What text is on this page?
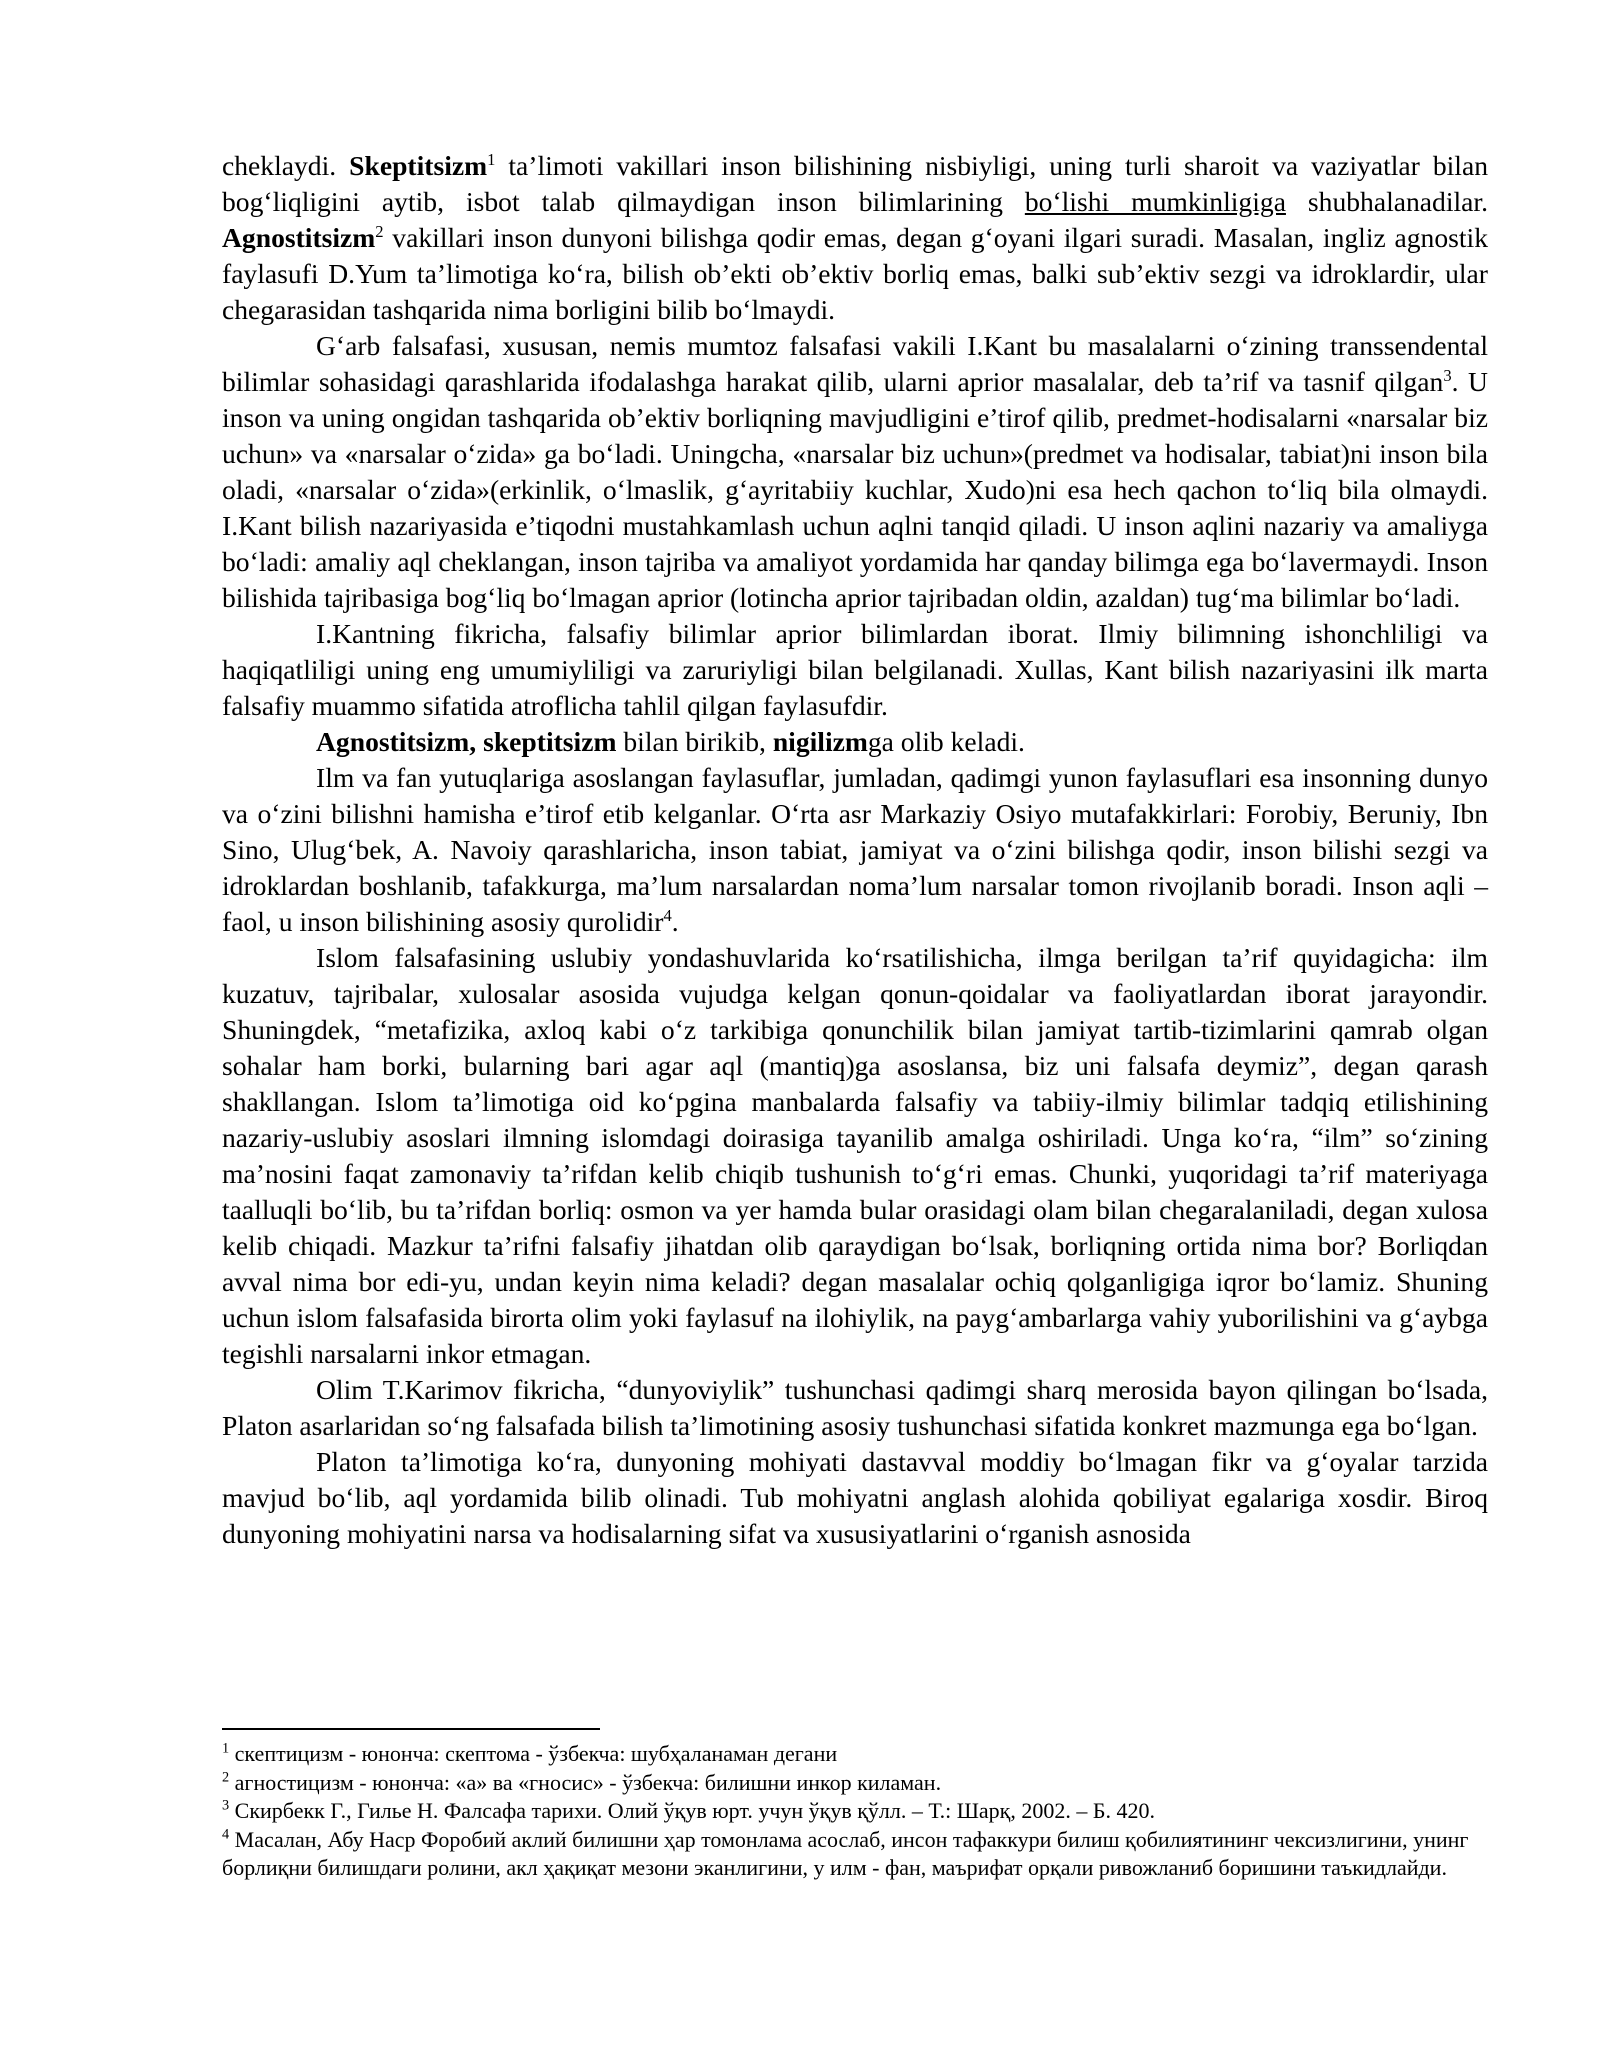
cheklaydi. Skeptitsizm$^1$ ta’limoti vakillari inson bilishining nisbiyligi, uning turli sharoit va vaziyatlar bilan bog‘liqligini aytib, isbot talab qilmaydigan inson bilimlarining bo‘lishi mumkinligiga shubhalanadilar. Agnostitsizm$^2$ vakillari inson dunyoni bilishga qodir emas, degan g‘oyani ilgari suradi. Masalan, ingliz agnostik faylasufi D.Yum ta’limotiga ko‘ra, bilish ob’ekti ob’ektiv borliq emas, balki sub’ektiv sezgi va idroklardir, ular chegarasidan tashqarida nima borligini bilib bo‘lmaydi.

G‘arb falsafasi, xususan, nemis mumtoz falsafasi vakili I.Kant bu masalalarni o‘zining transsendental bilimlar sohasidagi qarashlarida ifodalashga harakat qilib, ularni aprior masalalar, deb ta’rif va tasnif qilgan$^3$. U inson va uning ongidan tashqarida ob’ektiv borliqning mavjudligini e’tirof qilib, predmet-hodisalarni «narsalar biz uchun» va «narsalar o‘zida» ga bo‘ladi. Uningcha, «narsalar biz uchun»(predmet va hodisalar, tabiat)ni inson bila oladi, «narsalar o‘zida»(erkinlik, o‘lmaslik, g‘ayritabiiy kuchlar, Xudo)ni esa hech qachon to‘liq bila olmaydi. I.Kant bilish nazariyasida e’tiqodni mustahkamlash uchun aqlni tanqid qiladi. U inson aqlini nazariy va amaliyga bo‘ladi: amaliy aql cheklangan, inson tajriba va amaliyot yordamida har qanday bilimga ega bo‘lavermaydi. Inson bilishida tajribasiga bog‘liq bo‘lmagan aprior (lotincha aprior tajribadan oldin, azaldan) tug‘ma bilimlar bo‘ladi.

I.Kantning fikricha, falsafiy bilimlar aprior bilimlardan iborat. Ilmiy bilimning ishonchliligi va haqiqatliligi uning eng umumiyliligi va zaruriyligi bilan belgilanadi. Xullas, Kant bilish nazariyasini ilk marta falsafiy muammo sifatida atroflicha tahlil qilgan faylasufdir.

Agnostitsizm, skeptitsizm bilan birikib, nigilizmga olib keladi.

Ilm va fan yutuqlariga asoslangan faylasuflar, jumladan, qadimgi yunon faylasuflari esa insonning dunyo va o‘zini bilishni hamisha e’tirof etib kelganlar. O‘rta asr Markaziy Osiyo mutafakkirlari: Forobiy, Beruniy, Ibn Sino, Ulug‘bek, A. Navoiy qarashlaricha, inson tabiat, jamiyat va o‘zini bilishga qodir, inson bilishi sezgi va idroklardan boshlanib, tafakkurga, ma’lum narsalardan noma’lum narsalar tomon rivojlanib boradi. Inson aqli – faol, u inson bilishining asosiy qurolidir$^4$.

Islom falsafasining uslubiy yondashuvlarida ko‘rsatilishicha, ilmga berilgan ta’rif quyidagicha: ilm kuzatuv, tajribalar, xulosalar asosida vujudga kelgan qonun-qoidalar va faoliyatlardan iborat jarayondir. Shuningdek, “metafizika, axloq kabi o‘z tarkibiga qonunchilik bilan jamiyat tartib-tizimlarini qamrab olgan sohalar ham borki, bularning bari agar aql (mantiq)ga asoslansa, biz uni falsafa deymiz”, degan qarash shakllangan. Islom ta’limotiga oid ko‘pgina manbalarda falsafiy va tabiiy-ilmiy bilimlar tadqiq etilishining nazariy-uslubiy asoslari ilmning islomdagi doirasiga tayanilib amalga oshiriladi. Unga ko‘ra, “ilm” so‘zining ma’nosini faqat zamonaviy ta’rifdan kelib chiqib tushunish to‘g‘ri emas. Chunki, yuqoridagi ta’rif materiyaga taalluqli bo‘lib, bu ta’rifdan borliq: osmon va yer hamda bular orasidagi olam bilan chegaralaniladi, degan xulosa kelib chiqadi. Mazkur ta’rifni falsafiy jihatdan olib qaraydigan bo‘lsak, borliqning ortida nima bor? Borliqdan avval nima bor edi-yu, undan keyin nima keladi? degan masalalar ochiq qolganligiga iqror bo‘lamiz. Shuning uchun islom falsafasida birorta olim yoki faylasuf na ilohiylik, na payg‘ambarlarga vahiy yuborilishini va g‘aybga tegishli narsalarni inkor etmagan.

Olim T.Karimov fikricha, “dunyoviylik” tushunchasi qadimgi sharq merosida bayon qilingan bo‘lsada, Platon asarlaridan so‘ng falsafada bilish ta’limotining asosiy tushunchasi sifatida konkret mazmunga ega bo‘lgan.

Platon ta’limotiga ko‘ra, dunyoning mohiyati dastavval moddiy bo‘lmagan fikr va g‘oyalar tarzida mavjud bo‘lib, aql yordamida bilib olinadi. Tub mohiyatni anglash alohida qobiliyat egalariga xosdir. Biroq dunyoning mohiyatini narsa va hodisalarning sifat va xususiyatlarini o‘rganish asnosida

$^1$ скептицизм - юнонча: скептома - ўзбекча: шубҳаланаман дегани

$^2$ агностицизм - юнонча: «а» ва «гносис» - ўзбекча: билишни инкор киламан.

$^3$ Скирбекк Г., Гилье Н. Фалсафа тарихи. Олий ўқув юрт. учун ўқув қўлл. – Т.: Шарқ, 2002. – Б. 420.

$^4$ Масалан, Абу Наср Форобий аклий билишни ҳар томонлама асослаб, инсон тафаккури билиш қобилиятининг чексизлигини, унинг борлиқни билишдаги ролини, акл ҳақиқат мезони эканлигини, у илм - фан, маърифат орқали ривожланиб боришини таъкидлайди.
